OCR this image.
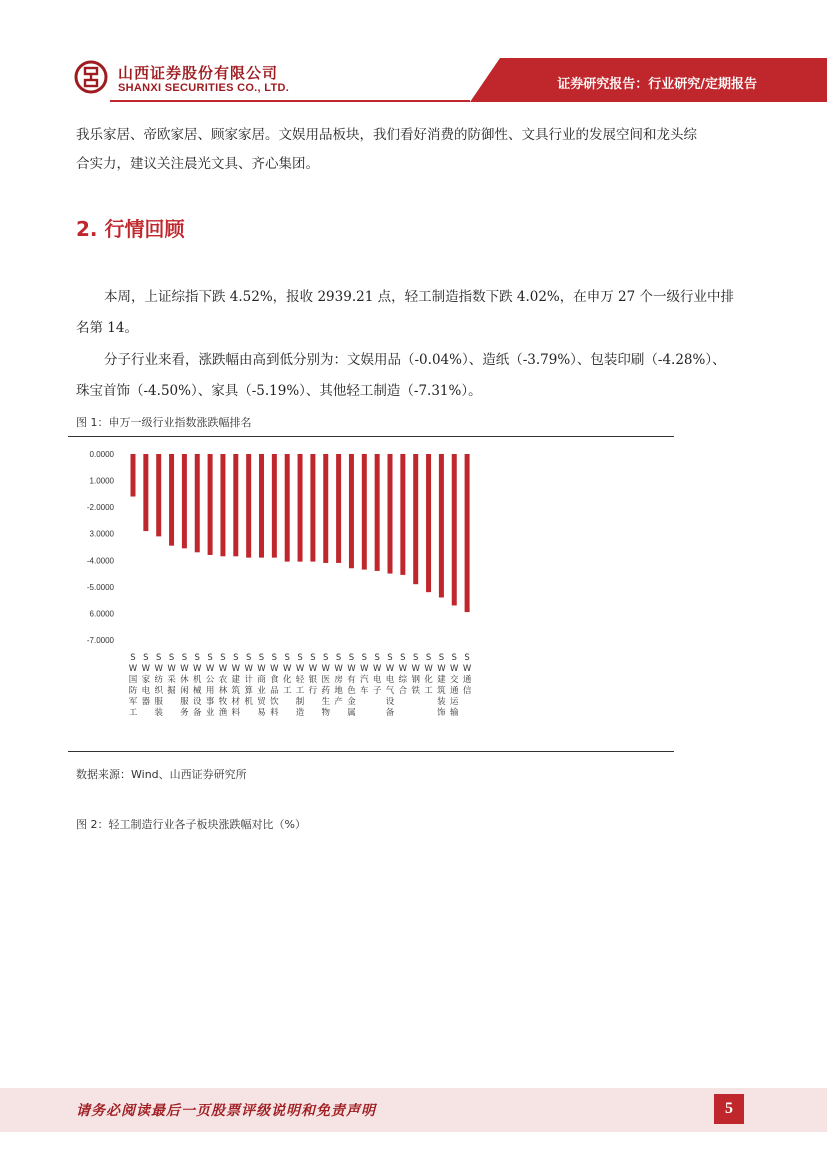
山西证券股份有限公司
SHANXI SECURITIES CO., LTD.	证券研究报告：行业研究/定期报告
我乐家居、帝欧家居、顾家家居。文娱用品板块，我们看好消费的防御性、文具行业的发展空间和龙头综
合实力，建议关注晨光文具、齐心集团。
2. 行情回顾
本周，上证综指下跌 4.52%，报收 2939.21 点，轻工制造指数下跌 4.02%，在申万 27 个一级行业中排
名第 14。
分子行业来看，涨跌幅由高到低分别为：文娱用品（-0.04%）、造纸（-3.79%）、包装印刷（-4.28%）、
珠宝首饰（-4.50%）、家具（-5.19%）、其他轻工制造（-7.31%）。
图 1：申万一级行业指数涨跌幅排名
0.0000
1.0000
-2.0000
3.0000
-4.0000
-5.0000
6.0000
-7.0000
S W 国防军工
S W 家电器
S W 纺织服装
S W 采掘
S W 休闲服务
S W 机械设备
S W 公用事业
S W 农林牧渔
S W 建筑材料
S W 计算机
S W 商业贸易
S W 食品饮料
S W 化工
S W 轻工制造
S W 银行
S W 医药生物
S W 房地产
S W 有色金属
S W 汽车
S W 电子
S W 电气设备
S W 综合
S W 钢铁
S W 化工
S W 建筑装饰
S W 交通运输
S W 通信
数据来源：Wind、山西证券研究所
图 2：轻工制造行业各子板块涨跌幅对比（%）
请务必阅读最后一页股票评级说明和免责声明	5
